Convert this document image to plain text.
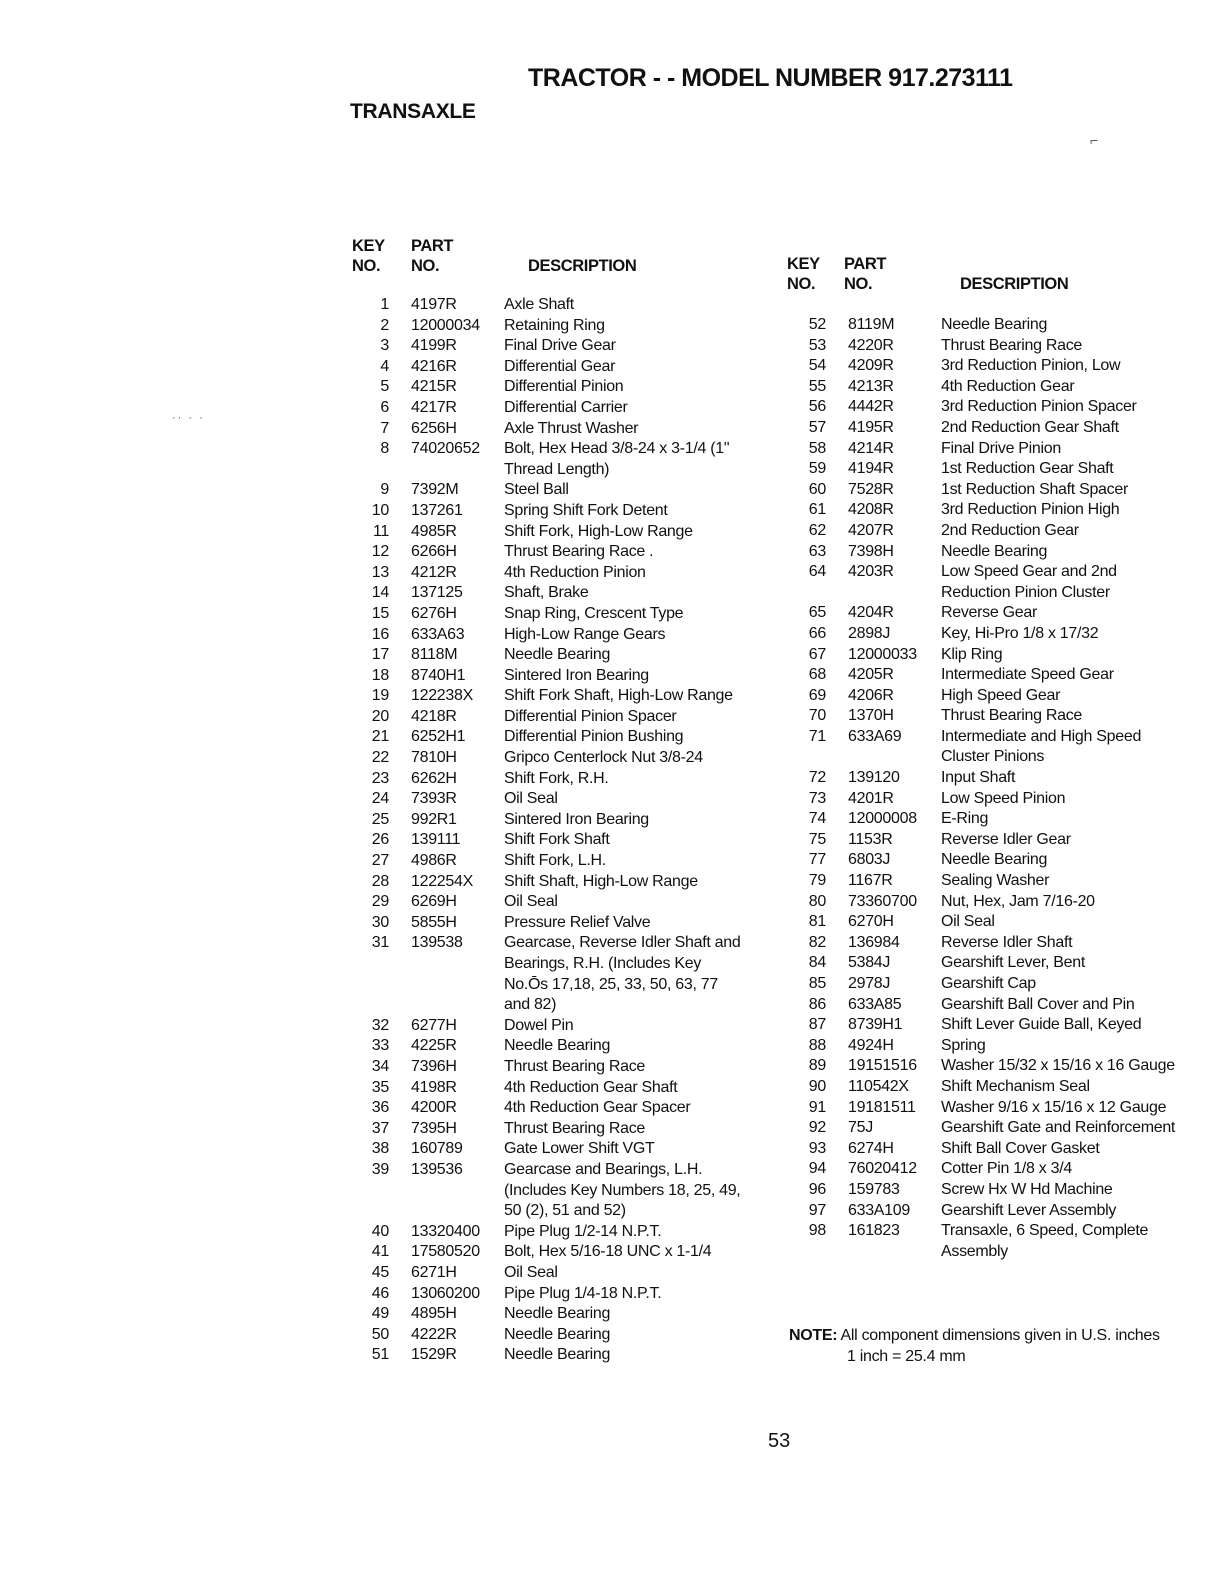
TRACTOR - - MODEL NUMBER 917.273111
TRANSAXLE
KEY
NO.
PART
NO.	DESCRIPTION	KEY
NO.
PART
NO.	DESCRIPTION
1	4197R	Axle Shaft
2	12000034	Retaining Ring
3	4199R	Final Drive Gear
4	4216R	Differential Gear
5	4215R	Differential Pinion
6	4217R	Differential Carrier
7	6256H	Axle Thrust Washer
8	74020652	Bolt, Hex Head 3/8-24 x 3-1/4 (1" Thread Length)
9	7392M	Steel Ball
10	137261	Spring Shift Fork Detent
11	4985R	Shift Fork, High-Low Range
12	6266H	Thrust Bearing Race .
13	4212R	4th Reduction Pinion
14	137125	Shaft, Brake
15	6276H	Snap Ring, Crescent Type
16	633A63	High-Low Range Gears
17	8118M	Needle Bearing
18	8740H1	Sintered Iron Bearing
19	122238X	Shift Fork Shaft, High-Low Range
20	4218R	Differential Pinion Spacer
21	6252H1	Differential Pinion Bushing
22	7810H	Gripco Centerlock Nut 3/8-24
23	6262H	Shift Fork, R.H.
24	7393R	Oil Seal
25	992R1	Sintered Iron Bearing
26	139111	Shift Fork Shaft
27	4986R	Shift Fork, L.H.
28	122254X	Shift Shaft, High-Low Range
29	6269H	Oil Seal
30	5855H	Pressure Relief Valve
31	139538	Gearcase, Reverse Idler Shaft and Bearings, R.H. (Includes Key No.Ōs 17,18, 25, 33, 50, 63, 77 and 82)
32	6277H	Dowel Pin
33	4225R	Needle Bearing
34	7396H	Thrust Bearing Race
35	4198R	4th Reduction Gear Shaft
36	4200R	4th Reduction Gear Spacer
37	7395H	Thrust Bearing Race
38	160789	Gate Lower Shift VGT
39	139536	Gearcase and Bearings, L.H. (Includes Key Numbers 18, 25, 49, 50 (2), 51 and 52)
40	13320400	Pipe Plug 1/2-14 N.P.T.
41	17580520	Bolt, Hex 5/16-18 UNC x 1-1/4
45	6271H	Oil Seal
46	13060200	Pipe Plug 1/4-18 N.P.T.
49	4895H	Needle Bearing
50	4222R	Needle Bearing
51	1529R	Needle Bearing
52	8119M	Needle Bearing
53	4220R	Thrust Bearing Race
54	4209R	3rd Reduction Pinion, Low
55	4213R	4th Reduction Gear
56	4442R	3rd Reduction Pinion Spacer
57	4195R	2nd Reduction Gear Shaft
58	4214R	Final Drive Pinion
59	4194R	1st Reduction Gear Shaft
60	7528R	1st Reduction Shaft Spacer
61	4208R	3rd Reduction Pinion High
62	4207R	2nd Reduction Gear
63	7398H	Needle Bearing
64	4203R	Low Speed Gear and 2nd Reduction Pinion Cluster
65	4204R	Reverse Gear
66	2898J	Key, Hi-Pro 1/8 x 17/32
67	12000033	Klip Ring
68	4205R	Intermediate Speed Gear
69	4206R	High Speed Gear
70	1370H	Thrust Bearing Race
71	633A69	Intermediate and High Speed Cluster Pinions
72	139120	Input Shaft
73	4201R	Low Speed Pinion
74	12000008	E-Ring
75	1153R	Reverse Idler Gear
77	6803J	Needle Bearing
79	1167R	Sealing Washer
80	73360700	Nut, Hex, Jam 7/16-20
81	6270H	Oil Seal
82	136984	Reverse Idler Shaft
84	5384J	Gearshift Lever, Bent
85	2978J	Gearshift Cap
86	633A85	Gearshift Ball Cover and Pin
87	8739H1	Shift Lever Guide Ball, Keyed
88	4924H	Spring
89	19151516	Washer 15/32 x 15/16 x 16 Gauge
90	110542X	Shift Mechanism Seal
91	19181511	Washer 9/16 x 15/16 x 12 Gauge
92	75J	Gearshift Gate and Reinforcement
93	6274H	Shift Ball Cover Gasket
94	76020412	Cotter Pin 1/8 x 3/4
96	159783	Screw Hx W Hd Machine
97	633A109	Gearshift Lever Assembly
98	161823	Transaxle, 6 Speed, Complete Assembly
NOTE: All component dimensions given in U.S. inches
1 inch = 25.4 mm
53
⌐
·· · ·
